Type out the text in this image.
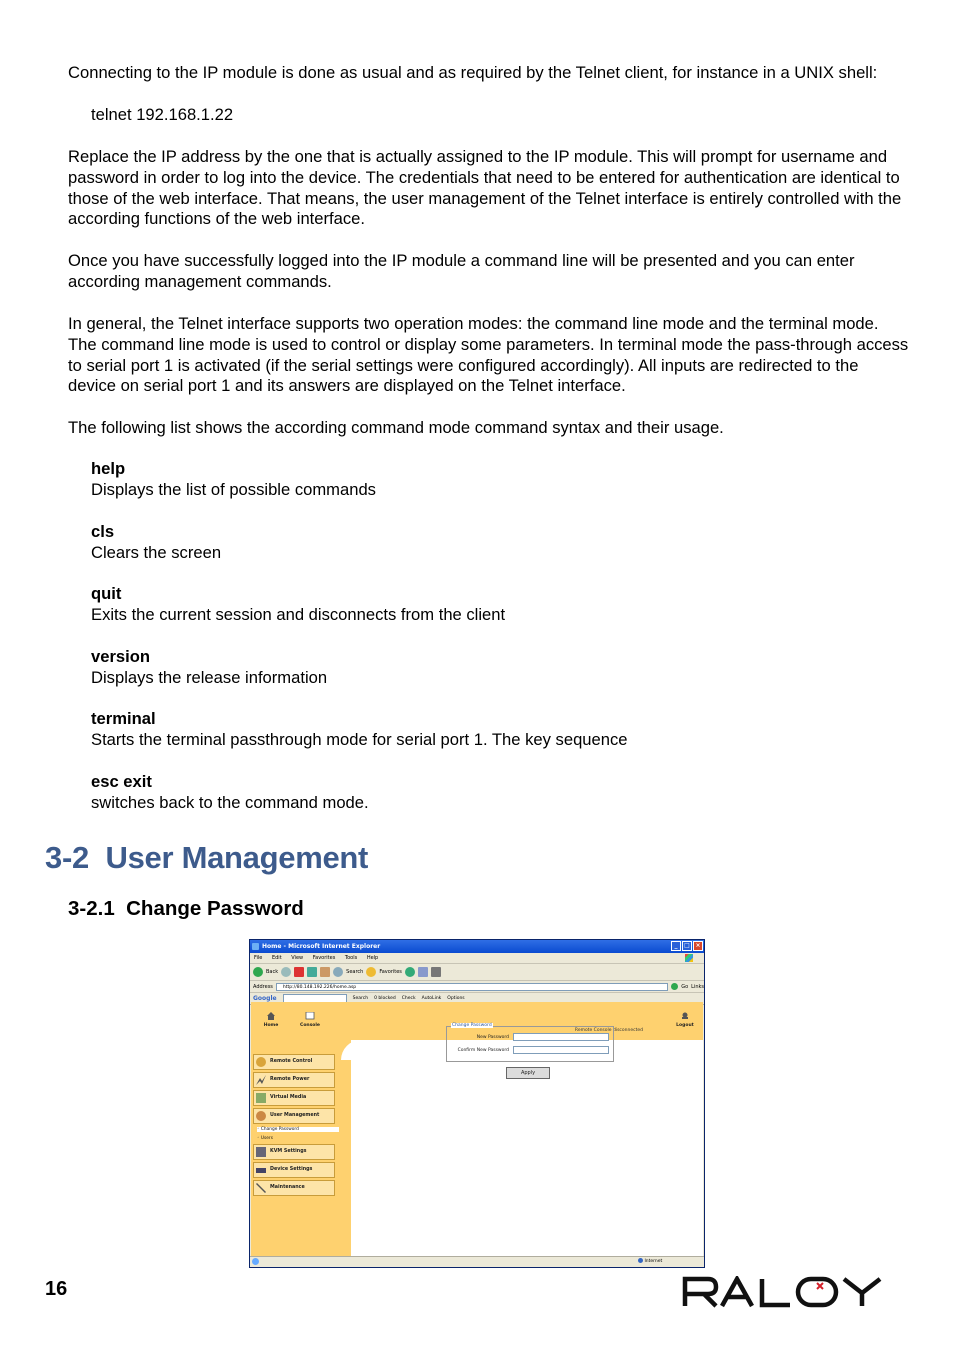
Connecting to the IP module is done as usual and as required by the Telnet client, for instance in a UNIX shell:

telnet 192.168.1.22

Replace the IP address by the one that is actually assigned to the IP module. This will prompt for username and password in order to log into the device. The credentials that need to be entered for authentication are identical to those of the web interface. That means, the user management of the Telnet interface is entirely controlled with the according functions of the web interface.

Once you have successfully logged into the IP module a command line will be presented and you can enter according management commands.

In general, the Telnet interface supports two operation modes: the command line mode and the terminal mode. The command line mode is used to control or display some parameters. In terminal mode the pass-through access to serial port 1 is activated (if the serial settings were configured accordingly). All inputs are redirected to the device on serial port 1 and its answers are displayed on the Telnet interface.

The following list shows the according command mode command syntax and their usage.

help

Displays the list of possible commands

cls

Clears the screen

quit

Exits the current session and disconnects from the client

version

Displays the release information

terminal

Starts the terminal passthrough mode for serial port 1. The key sequence

esc exit

switches back to the command mode.

3-2  User Management
3-2.1  Change Password
Home - Microsoft Internet Explorer	_	□ ×
File Edit View Favorites Tools Help
Back	Search	Favorites
Address	http://80.148.192.226/home.asp	Go Links
Google	Search 0 blocked Check AutoLink Options
Home	Console
Remote Console disconnected
Logout
Remote Control
Remote Power
Virtual Media
User Management
◦ Change Password
◦ Users
KVM Settings
Device Settings
Maintenance
Change Password
New Password
Confirm New Password
Apply
Internet
16
